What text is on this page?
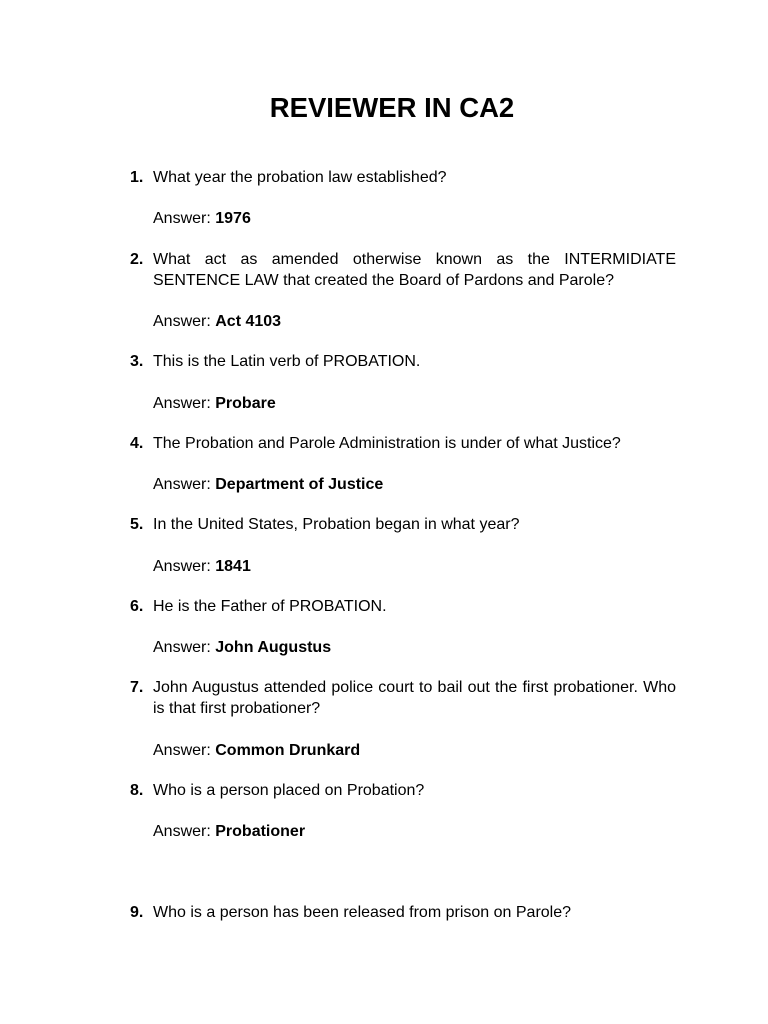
REVIEWER IN CA2
1. What year the probation law established?
Answer: 1976
2. What act as amended otherwise known as the INTERMIDIATE SENTENCE LAW that created the Board of Pardons and Parole?
Answer: Act 4103
3. This is the Latin verb of PROBATION.
Answer: Probare
4. The Probation and Parole Administration is under of what Justice?
Answer: Department of Justice
5. In the United States, Probation began in what year?
Answer: 1841
6. He is the Father of PROBATION.
Answer: John Augustus
7. John Augustus attended police court to bail out the first probationer. Who is that first probationer?
Answer: Common Drunkard
8. Who is a person placed on Probation?
Answer: Probationer
9. Who is a person has been released from prison on Parole?
